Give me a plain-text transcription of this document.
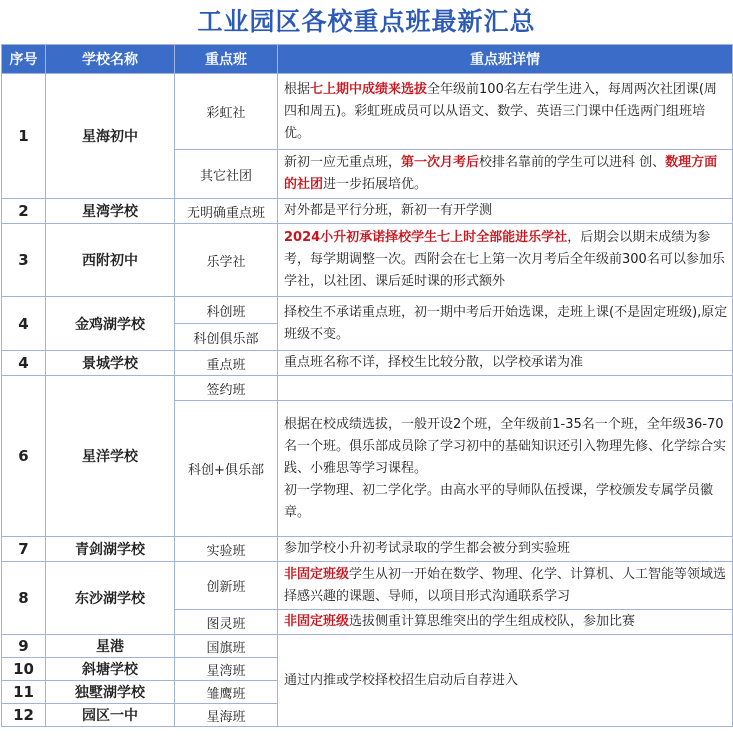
工业园区各校重点班最新汇总
序号	学校名称	重点班	重点班详情
1	星海初中	彩虹社	根据七上期中成绩来选拔全年级前100名左右学生进入，每周两次社团课(周四和周五)。彩虹班成员可以从语文、数学、英语三门课中任选两门组班培优。
		其它社团	新初一应无重点班，第一次月考后校排名靠前的学生可以进科 创、数理方面的社团进一步拓展培优。
2	星湾学校	无明确重点班	对外都是平行分班，新初一有开学测
3	西附初中	乐学社	2024小升初承诺择校学生七上时全部能进乐学社，后期会以期末成绩为参考，每学期调整一次。西附会在七上第一次月考后全年级前300名可以参加乐学社，以社团、课后延时课的形式额外
4	金鸡湖学校	科创班	择校生不承诺重点班，初一期中考后开始选课，走班上课(不是固定班级),原定班级不变。
		科创俱乐部	
4	景城学校	重点班	重点班名称不详，择校生比较分散，以学校承诺为准
6	星洋学校	签约班	
		科创+俱乐部	根据在校成绩选拔，一般开设2个班，全年级前1-35名一个班，全年级36-70名一个班。俱乐部成员除了学习初中的基础知识还引入物理先修、化学综合实践、小雅思等学习课程。
初一学物理、初二学化学。由高水平的导师队伍授课，学校颁发专属学员徽章。

7	青剑湖学校	实验班	参加学校小升初考试录取的学生都会被分到实验班
8	东沙湖学校	创新班	非固定班级学生从初一开始在数学、物理、化学、计算机、人工智能等领域选择感兴趣的课题、导师，以项目形式沟通联系学习
		图灵班	非固定班级选拔侧重计算思维突出的学生组成校队，参加比赛
9	星港	国旗班	通过内推或学校择校招生启动后自荐进入
10	斜塘学校	星湾班	
11	独墅湖学校	雏鹰班	
12	园区一中	星海班	
